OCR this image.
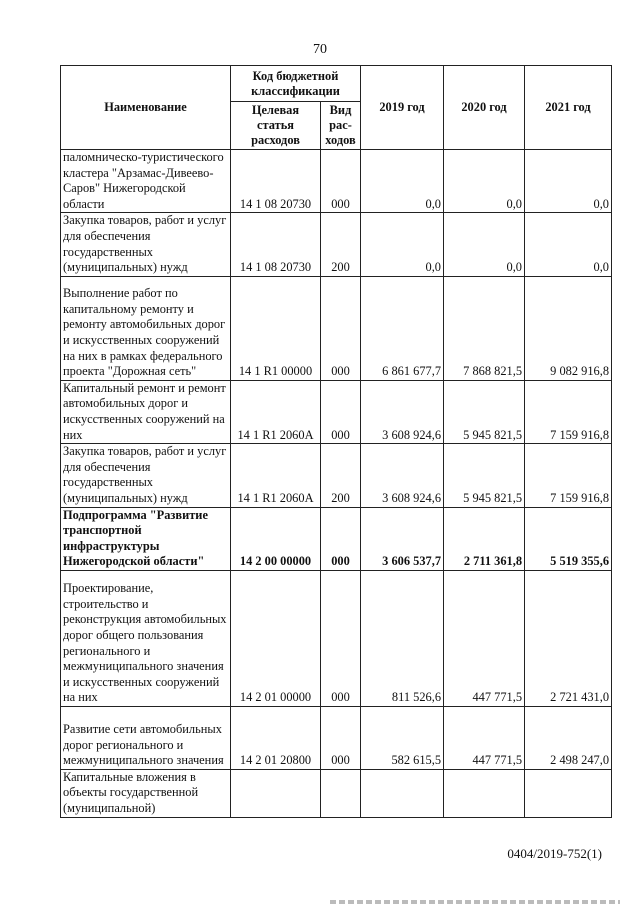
70
Наименование	Код бюджетной классификации		2019 год	2020 год	2021 год
	Целевая статья расходов	Вид рас-ходов			
паломническо-туристического кластера "Арзамас-Дивеево-Саров" Нижегородской области	14 1 08 20730	000	0,0	0,0	0,0
Закупка товаров, работ и услуг для обеспечения государственных (муниципальных) нужд	14 1 08 20730	200	0,0	0,0	0,0
Выполнение работ по капитальному ремонту и ремонту автомобильных дорог и искусственных сооружений на них в рамках федерального проекта "Дорожная сеть"	14 1 R1 00000	000	6 861 677,7	7 868 821,5	9 082 916,8
Капитальный ремонт и ремонт автомобильных дорог и искусственных сооружений на них	14 1 R1 2060A	000	3 608 924,6	5 945 821,5	7 159 916,8
Закупка товаров, работ и услуг для обеспечения государственных (муниципальных) нужд	14 1 R1 2060A	200	3 608 924,6	5 945 821,5	7 159 916,8
Подпрограмма "Развитие транспортной инфраструктуры Нижегородской области"	14 2 00 00000	000	3 606 537,7	2 711 361,8	5 519 355,6
Проектирование, строительство и реконструкция автомобильных дорог общего пользования регионального и межмуниципального значения и искусственных сооружений на них	14 2 01 00000	000	811 526,6	447 771,5	2 721 431,0
Развитие сети автомобильных дорог регионального и межмуниципального значения	14 2 01 20800	000	582 615,5	447 771,5	2 498 247,0
Капитальные вложения в объекты государственной (муниципальной)					
0404/2019-752(1)
